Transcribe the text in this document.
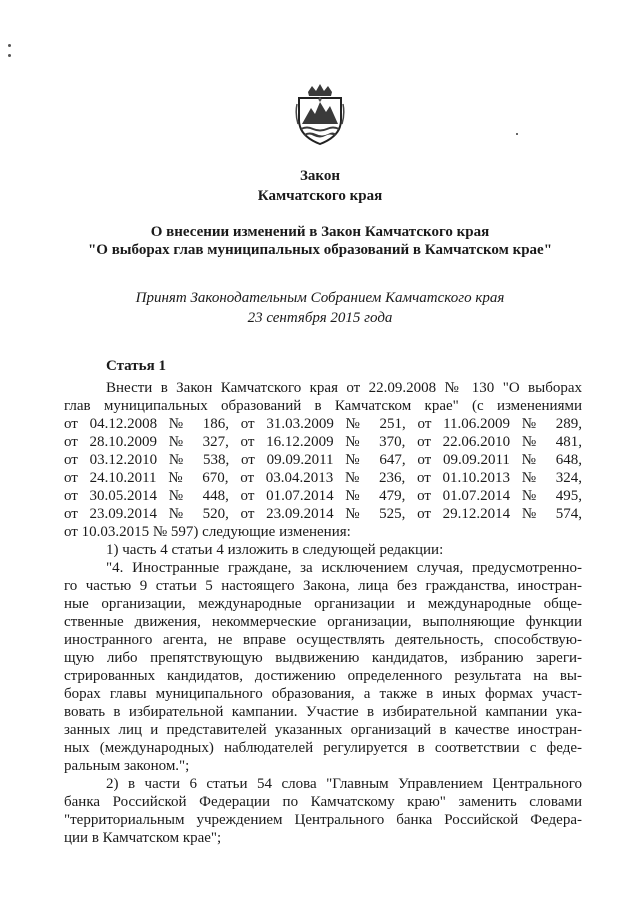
Закон
Камчатского края
О внесении изменений в Закон Камчатского края
"О выборах глав муниципальных образований в Камчатском крае"
Принят Законодательным Собранием Камчатского края
23 сентября 2015 года
Статья 1
Внести в Закон Камчатского края от 22.09.2008 № 130 "О выборах
глав муниципальных образований в Камчатском крае" (с изменениями
от 04.12.2008 № 186, от 31.03.2009 № 251, от 11.06.2009 № 289,
от 28.10.2009 № 327, от 16.12.2009 № 370, от 22.06.2010 № 481,
от 03.12.2010 № 538, от 09.09.2011 № 647, от 09.09.2011 № 648,
от 24.10.2011 № 670, от 03.04.2013 № 236, от 01.10.2013 № 324,
от 30.05.2014 № 448, от 01.07.2014 № 479, от 01.07.2014 № 495,
от 23.09.2014 № 520, от 23.09.2014 № 525, от 29.12.2014 № 574,
от 10.03.2015 № 597) следующие изменения:
1) часть 4 статьи 4 изложить в следующей редакции:
"4. Иностранные граждане, за исключением случая, предусмотренно-
го частью 9 статьи 5 настоящего Закона, лица без гражданства, иностран-
ные организации, международные организации и международные обще-
ственные движения, некоммерческие организации, выполняющие функции
иностранного агента, не вправе осуществлять деятельность, способствую-
щую либо препятствующую выдвижению кандидатов, избранию зареги-
стрированных кандидатов, достижению определенного результата на вы-
борах главы муниципального образования, а также в иных формах участ-
вовать в избирательной кампании. Участие в избирательной кампании ука-
занных лиц и представителей указанных организаций в качестве иностран-
ных (международных) наблюдателей регулируется в соответствии с феде-
ральным законом.";
2) в части 6 статьи 54 слова "Главным Управлением Центрального
банка Российской Федерации по Камчатскому краю" заменить словами
"территориальным учреждением Центрального банка Российской Федера-
ции в Камчатском крае";
